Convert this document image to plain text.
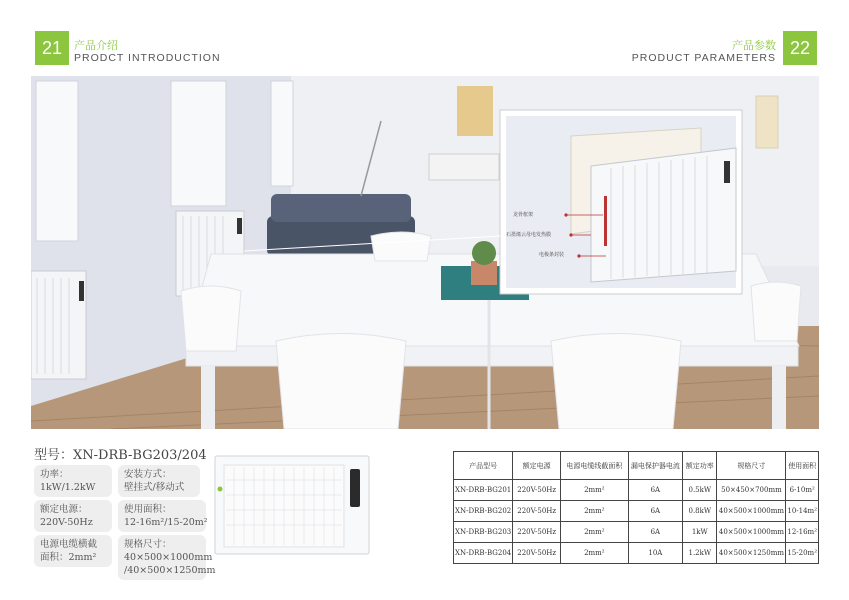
21	产品介绍
PRODCT INTRODUCTION
产品参数
PRODUCT PARAMETERS 22
龙骨框架
石墨烯云母电发热膜
电极条封装
型号：XN-DRB-BG203/204
功率：
1kW/1.2kW
安装方式：
壁挂式/移动式
额定电源：
220V-50Hz
使用面积：
12-16m²/15-20m²
电源电缆横截
面积：2mm²
规格尺寸：
40×500×1000mm
/40×500×1250mm
产品型号	额定电源	电源电缆线截面积	漏电保护器电流	额定功率	规格尺寸	使用面积
XN-DRB-BG201	220V-50Hz	2mm²	6A	0.5kW	50×450×700mm	6-10m²
XN-DRB-BG202	220V-50Hz	2mm²	6A	0.8kW	40×500×1000mm	10-14m²
XN-DRB-BG203	220V-50Hz	2mm²	6A	1kW	40×500×1000mm	12-16m²
XN-DRB-BG204	220V-50Hz	2mm²	10A	1.2kW	40×500×1250mm	15-20m²
